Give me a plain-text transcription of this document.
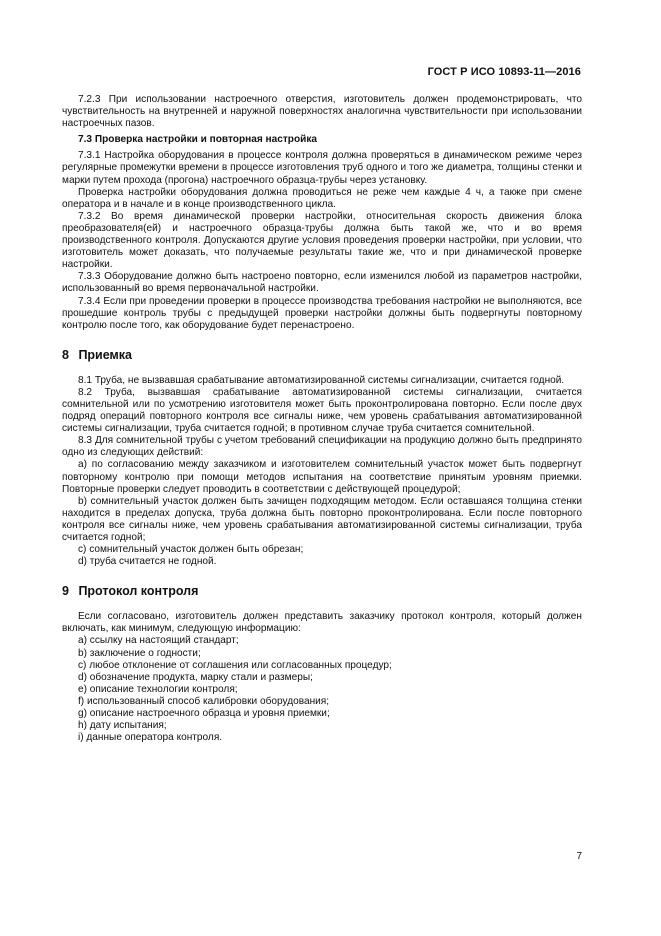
ГОСТ Р ИСО 10893-11—2016

7.2.3 При использовании настроечного отверстия, изготовитель должен продемонстрировать, что чувствительность на внутренней и наружной поверхностях аналогична чувствительности при использовании настроечных пазов.

7.3 Проверка настройки и повторная настройка

7.3.1 Настройка оборудования в процессе контроля должна проверяться в динамическом режиме через регулярные промежутки времени в процессе изготовления труб одного и того же диаметра, толщины стенки и марки путем прохода (прогона) настроечного образца-трубы через установку.

Проверка настройки оборудования должна проводиться не реже чем каждые 4 ч, а также при смене оператора и в начале и в конце производственного цикла.

7.3.2 Во время динамической проверки настройки, относительная скорость движения блока преобразователя(ей) и настроечного образца-трубы должна быть такой же, что и во время производственного контроля. Допускаются другие условия проведения проверки настройки, при условии, что изготовитель может доказать, что получаемые результаты такие же, что и при динамической проверке настройки.

7.3.3 Оборудование должно быть настроено повторно, если изменился любой из параметров настройки, использованный во время первоначальной настройки.

7.3.4 Если при проведении проверки в процессе производства требования настройки не выполняются, все прошедшие контроль трубы с предыдущей проверки настройки должны быть подвергнуты повторному контролю после того, как оборудование будет перенастроено.

8 Приемка

8.1 Труба, не вызвавшая срабатывание автоматизированной системы сигнализации, считается годной.

8.2 Труба, вызвавшая срабатывание автоматизированной системы сигнализации, считается сомнительной или по усмотрению изготовителя может быть проконтролирована повторно. Если после двух подряд операций повторного контроля все сигналы ниже, чем уровень срабатывания автоматизированной системы сигнализации, труба считается годной; в противном случае труба считается сомнительной.

8.3 Для сомнительной трубы с учетом требований спецификации на продукцию должно быть предпринято одно из следующих действий:

a) по согласованию между заказчиком и изготовителем сомнительный участок может быть подвергнут повторному контролю при помощи методов испытания на соответствие принятым уровням приемки. Повторные проверки следует проводить в соответствии с действующей процедурой;

b) сомнительный участок должен быть зачищен подходящим методом. Если оставшаяся толщина стенки находится в пределах допуска, труба должна быть повторно проконтролирована. Если после повторного контроля все сигналы ниже, чем уровень срабатывания автоматизированной системы сигнализации, труба считается годной;

c) сомнительный участок должен быть обрезан;

d) труба считается не годной.

9 Протокол контроля

Если согласовано, изготовитель должен представить заказчику протокол контроля, который должен включать, как минимум, следующую информацию:

a) ссылку на настоящий стандарт;

b) заключение о годности;

c) любое отклонение от соглашения или согласованных процедур;

d) обозначение продукта, марку стали и размеры;

e) описание технологии контроля;

f) использованный способ калибровки оборудования;

g) описание настроечного образца и уровня приемки;

h) дату испытания;

i) данные оператора контроля.

7
